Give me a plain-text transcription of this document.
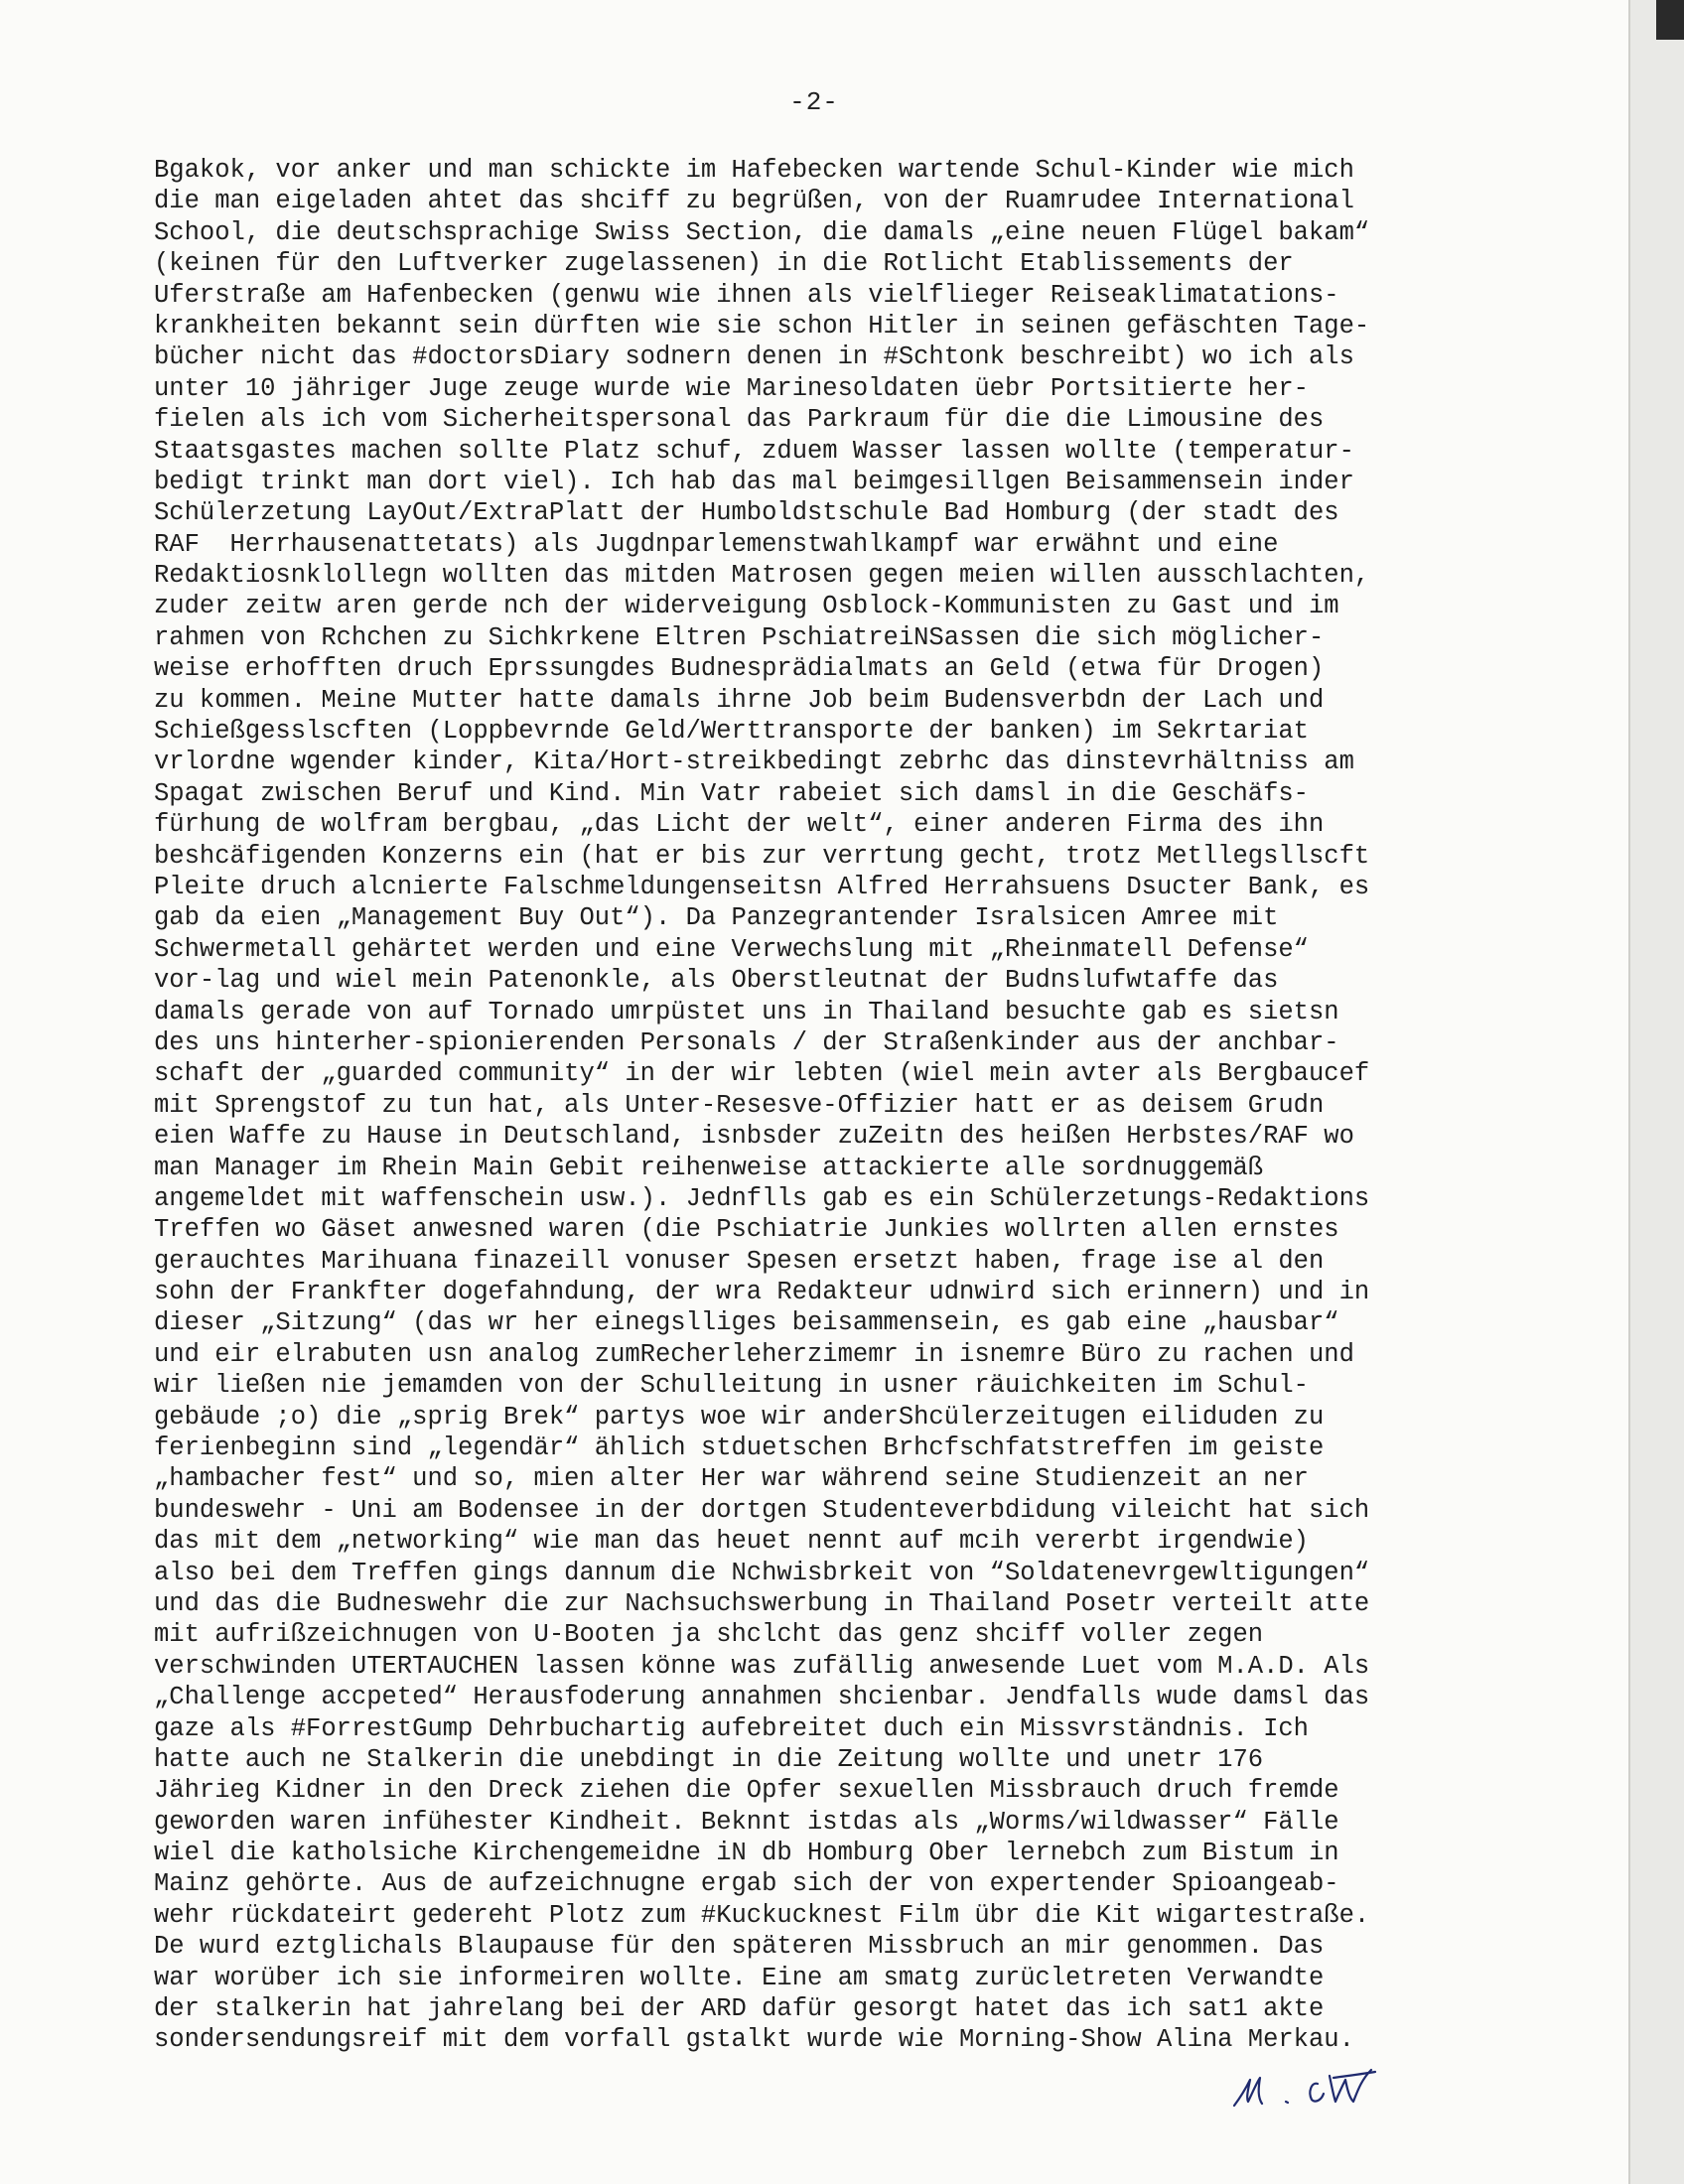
-2-
Bgakok, vor anker und man schickte im Hafebecken wartende Schul-Kinder wie mich
die man eigeladen ahtet das shciff zu begrüßen, von der Ruamrudee International
School, die deutschsprachige Swiss Section, die damals „eine neuen Flügel bakam“
(keinen für den Luftverker zugelassenen) in die Rotlicht Etablissements der
Uferstraße am Hafenbecken (genwu wie ihnen als vielflieger Reiseaklimatations-
krankheiten bekannt sein dürften wie sie schon Hitler in seinen gefäschten Tage-
bücher nicht das #doctorsDiary sodnern denen in #Schtonk beschreibt) wo ich als
unter 10 jähriger Juge zeuge wurde wie Marinesoldaten üebr Portsitierte her-
fielen als ich vom Sicherheitspersonal das Parkraum für die die Limousine des
Staatsgastes machen sollte Platz schuf, zduem Wasser lassen wollte (temperatur-
bedigt trinkt man dort viel). Ich hab das mal beimgesillgen Beisammensein inder
Schülerzetung LayOut/ExtraPlatt der Humboldstschule Bad Homburg (der stadt des
RAF  Herrhausenattetats) als Jugdnparlemenstwahlkampf war erwähnt und eine
Redaktiosnklollegn wollten das mitden Matrosen gegen meien willen ausschlachten,
zuder zeitw aren gerde nch der widerveigung Osblock-Kommunisten zu Gast und im
rahmen von Rchchen zu Sichkrkene Eltren PschiatreiNSassen die sich möglicher-
weise erhofften druch Eprssungdes Budnesprädialmats an Geld (etwa für Drogen)
zu kommen. Meine Mutter hatte damals ihrne Job beim Budensverbdn der Lach und
Schießgesslscften (Loppbevrnde Geld/Werttransporte der banken) im Sekrtariat
vrlordne wgender kinder, Kita/Hort-streikbedingt zebrhc das dinstevrhältniss am
Spagat zwischen Beruf und Kind. Min Vatr rabeiet sich damsl in die Geschäfs-
fürhung de wolfram bergbau, „das Licht der welt“, einer anderen Firma des ihn
beshcäfigenden Konzerns ein (hat er bis zur verrtung gecht, trotz Metllegsllscft
Pleite druch alcnierte Falschmeldungenseitsn Alfred Herrahsuens Dsucter Bank, es
gab da eien „Management Buy Out“). Da Panzegrantender Isralsicen Amree mit
Schwermetall gehärtet werden und eine Verwechslung mit „Rheinmatell Defense“
vor-lag und wiel mein Patenonkle, als Oberstleutnat der Budnslufwtaffe das
damals gerade von auf Tornado umrpüstet uns in Thailand besuchte gab es sietsn
des uns hinterher-spionierenden Personals / der Straßenkinder aus der anchbar-
schaft der „guarded community“ in der wir lebten (wiel mein avter als Bergbaucef
mit Sprengstof zu tun hat, als Unter-Resesve-Offizier hatt er as deisem Grudn
eien Waffe zu Hause in Deutschland, isnbsder zuZeitn des heißen Herbstes/RAF wo
man Manager im Rhein Main Gebit reihenweise attackierte alle sordnuggemäß
angemeldet mit waffenschein usw.). Jednflls gab es ein Schülerzetungs-Redaktions
Treffen wo Gäset anwesned waren (die Pschiatrie Junkies wollrten allen ernstes
gerauchtes Marihuana finazeill vonuser Spesen ersetzt haben, frage ise al den
sohn der Frankfter dogefahndung, der wra Redakteur udnwird sich erinnern) und in
dieser „Sitzung“ (das wr her einegslliges beisammensein, es gab eine „hausbar“
und eir elrabuten usn analog zumRecherleherzimemr in isnemre Büro zu rachen und
wir ließen nie jemamden von der Schulleitung in usner räuichkeiten im Schul-
gebäude ;o) die „sprig Brek“ partys woe wir anderShcülerzeitugen eiliduden zu
ferienbeginn sind „legendär“ ählich stduetschen Brhcfschfatstreffen im geiste
„hambacher fest“ und so, mien alter Her war während seine Studienzeit an ner
bundeswehr - Uni am Bodensee in der dortgen Studenteverbdidung vileicht hat sich
das mit dem „networking“ wie man das heuet nennt auf mcih vererbt irgendwie)
also bei dem Treffen gings dannum die Nchwisbrkeit von “Soldatenevrgewltigungen“
und das die Budneswehr die zur Nachsuchswerbung in Thailand Posetr verteilt atte
mit aufrißzeichnugen von U-Booten ja shclcht das genz shciff voller zegen
verschwinden UTERTAUCHEN lassen könne was zufällig anwesende Luet vom M.A.D. Als
„Challenge accpeted“ Herausfoderung annahmen shcienbar. Jendfalls wude damsl das
gaze als #ForrestGump Dehrbuchartig aufebreitet duch ein Missvrständnis. Ich
hatte auch ne Stalkerin die unebdingt in die Zeitung wollte und unetr 176
Jährieg Kidner in den Dreck ziehen die Opfer sexuellen Missbrauch druch fremde
geworden waren infühester Kindheit. Beknnt istdas als „Worms/wildwasser“ Fälle
wiel die katholsiche Kirchengemeidne iN db Homburg Ober lernebch zum Bistum in
Mainz gehörte. Aus de aufzeichnugne ergab sich der von expertender Spioangeab-
wehr rückdateirt gedereht Plotz zum #Kuckucknest Film übr die Kit wigartestraße.
De wurd eztglichals Blaupause für den späteren Missbruch an mir genommen. Das
war worüber ich sie informeiren wollte. Eine am smatg zurücletreten Verwandte
der stalkerin hat jahrelang bei der ARD dafür gesorgt hatet das ich sat1 akte
sondersendungsreif mit dem vorfall gstalkt wurde wie Morning-Show Alina Merkau.
